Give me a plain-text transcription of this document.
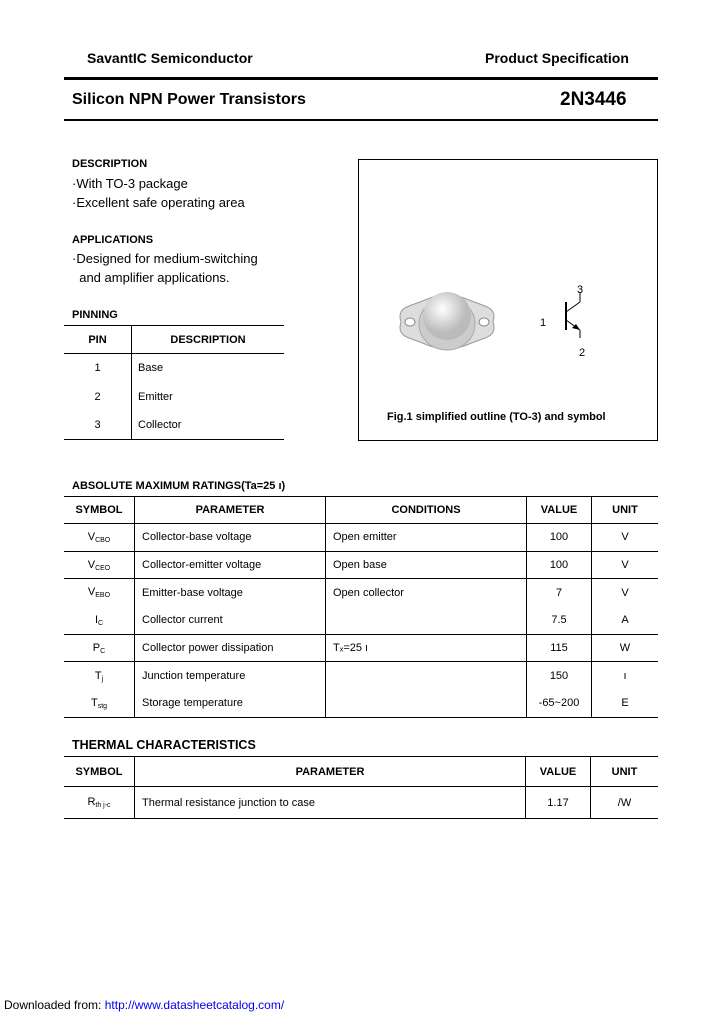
SavantIC Semiconductor	Product Specification
Silicon NPN Power Transistors	2N3446
DESCRIPTION
·With TO-3 package
·Excellent safe operating area
APPLICATIONS
·Designed for medium-switching
and amplifier applications.
PINNING
PIN	DESCRIPTION
1	Base
2	Emitter
3	Collector
1
2
3
Fig.1 simplified outline (TO-3) and symbol
ABSOLUTE MAXIMUM RATINGS(Ta=25 ı)
SYMBOL	PARAMETER	CONDITIONS	VALUE	UNIT
$V_{CBO}$	Collector-base voltage	Open emitter	100	V
$V_{CEO}$	Collector-emitter voltage	Open base	100	V
$V_{EBO}$	Emitter-base voltage	Open collector	7	V
$I_C$	Collector current		7.5	A
$P_C$	Collector power dissipation	Tₓ=25 ı	115	W
$T_j$	Junction temperature		150	ı
$T_{stg}$	Storage temperature		-65~200	Ε
THERMAL CHARACTERISTICS
SYMBOL	PARAMETER	VALUE	UNIT
$R_{th j-c}$	Thermal resistance junction to case	1.17	/W
Downloaded from: http://www.datasheetcatalog.com/
